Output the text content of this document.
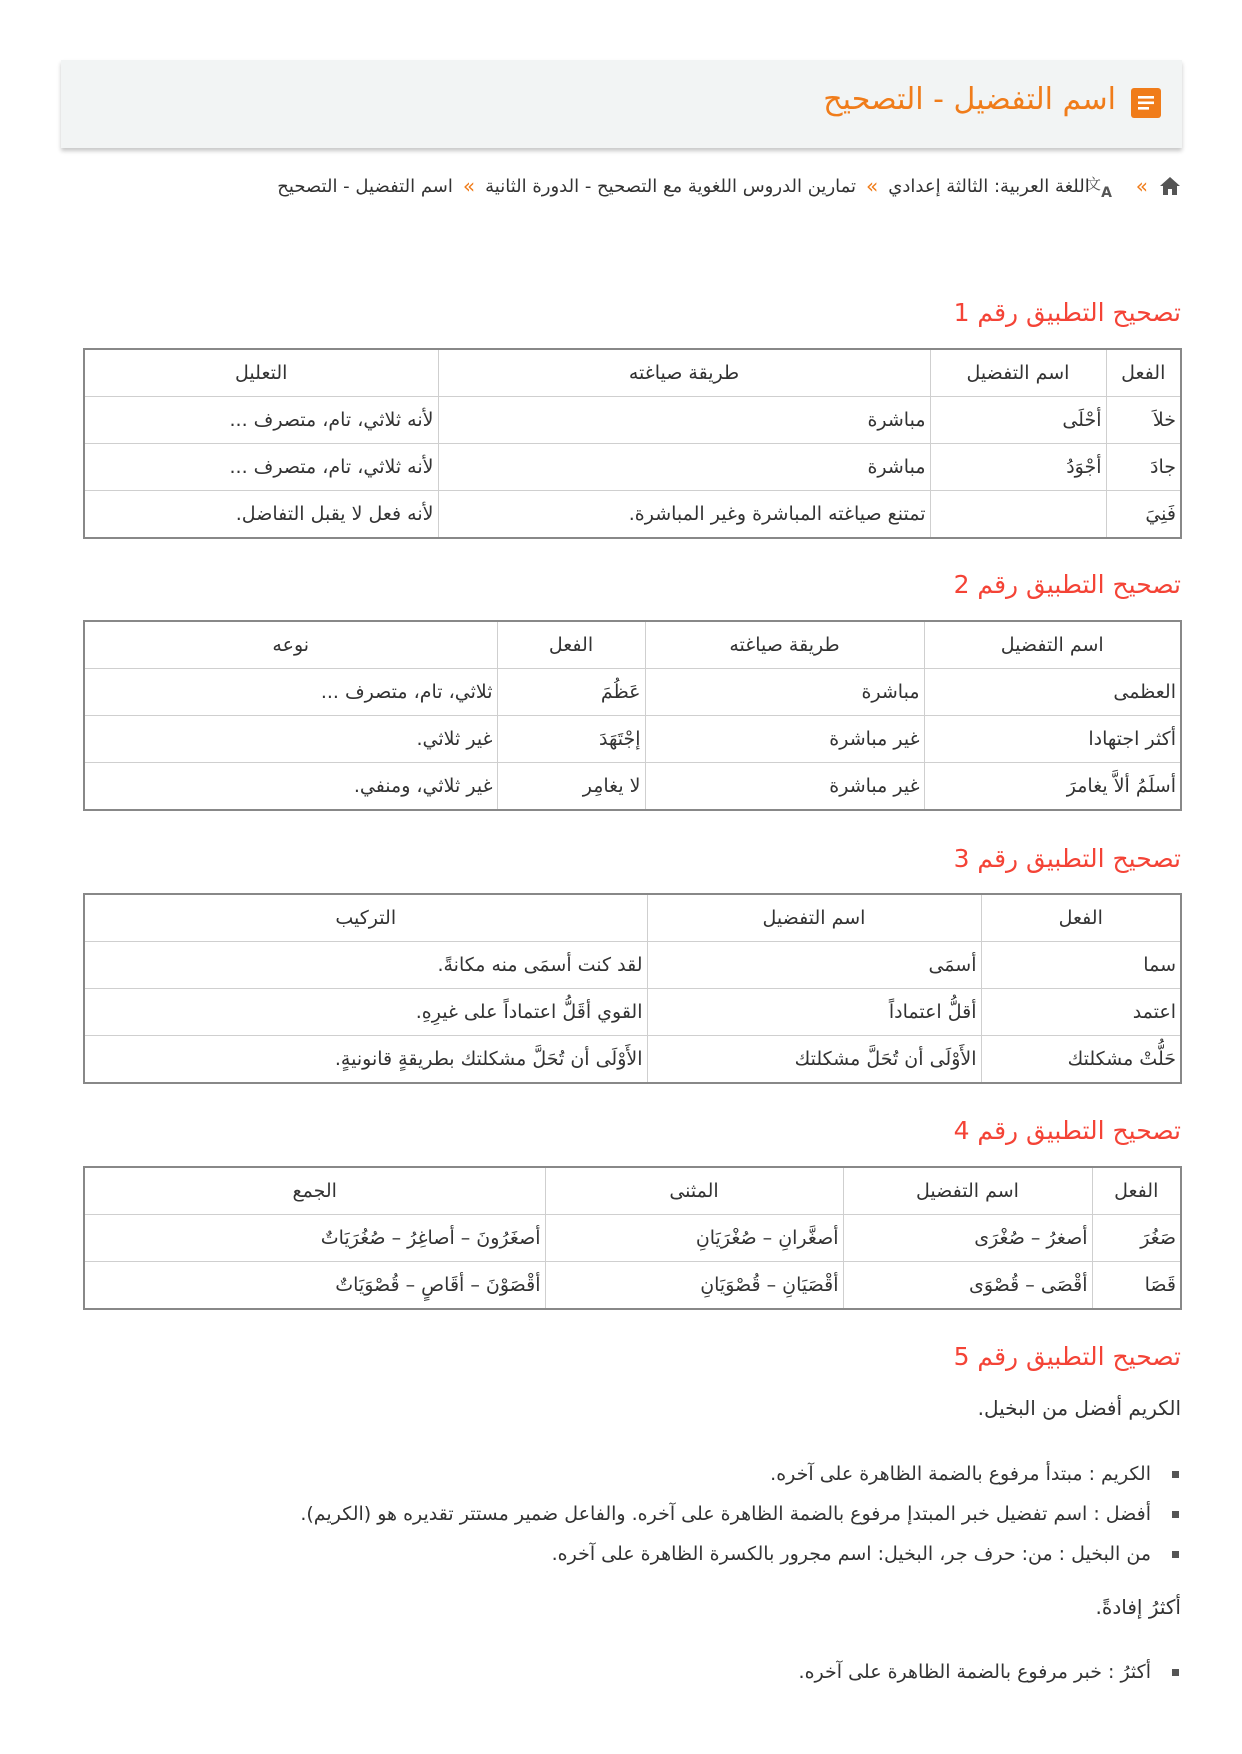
اسم التفضيل - التصحيح
»
文 A
اللغة العربية: الثالثة إعدادي
»
تمارين الدروس اللغوية مع التصحيح - الدورة الثانية
»
اسم التفضيل - التصحيح
تصحيح التطبيق رقم 1
الفعل	اسم التفضيل	طريقة صياغته	التعليل
خلاَ	أحْلَى	مباشرة	لأنه ثلاثي، تام، متصرف ...
جادَ	أجْوَدُ	مباشرة	لأنه ثلاثي، تام، متصرف ...
فَنِيَ		تمتنع صياغته المباشرة وغير المباشرة.	لأنه فعل لا يقبل التفاضل.
تصحيح التطبيق رقم 2
اسم التفضيل	طريقة صياغته	الفعل	نوعه
العظمى	مباشرة	عَظُمَ	ثلاثي، تام، متصرف ...
أكثر اجتهادا	غير مباشرة	إجْتَهَدَ	غير ثلاثي.
أسلَمُ ألاَّ يغامرَ	غير مباشرة	لا يغامِر	غير ثلاثي، ومنفي.
تصحيح التطبيق رقم 3
الفعل	اسم التفضيل	التركيب
سما	أسمَى	لقد كنت أسمَى منه مكانةً.
اعتمد	أقلُّ اعتماداً	القوي أقَلُّ اعتماداً على غيرِهِ.
حَلُّتْ مشكلتك	الأَوْلَى أن تُحَلَّ مشكلتك	الأَوْلَى أن تُحَلَّ مشكلتك بطريقةٍ قانونيةٍ.
تصحيح التطبيق رقم 4
الفعل	اسم التفضيل	المثنى	الجمع
صَغُرَ	أصغرُ – صُغْرَى	أصغَّرانِ – صُغْرَيَانِ	أصغَرُونَ – أصاغِرُ – صُغُرَيَاتٌ
قَصَا	أقْصَى – قُصْوَى	أقْصَيَانِ – قُصْوَيَانِ	أقْصَوْنَ – أقَاصٍ – قُصْوَيَاتٌ
تصحيح التطبيق رقم 5

الكريم أفضل من البخيل.

الكريم : مبتدأ مرفوع بالضمة الظاهرة على آخره.
أفضل : اسم تفضيل خبر المبتدإ مرفوع بالضمة الظاهرة على آخره. والفاعل ضمير مستتر تقديره هو (الكريم).
من البخيل : من: حرف جر، البخيل: اسم مجرور بالكسرة الظاهرة على آخره.

أكثرُ إفادةً.

أكثرُ : خبر مرفوع بالضمة الظاهرة على آخره.
